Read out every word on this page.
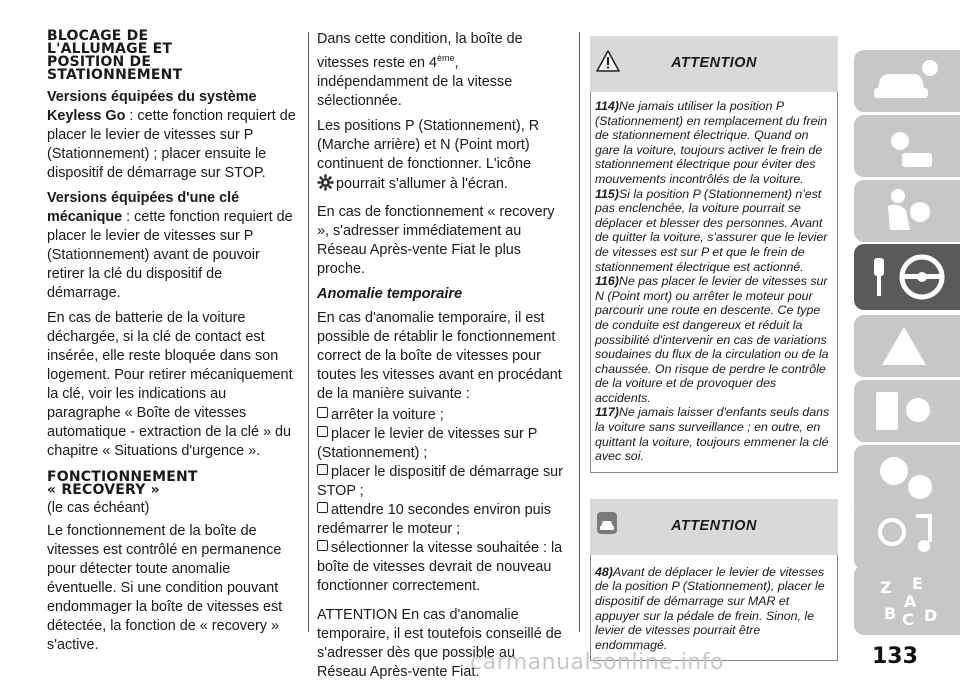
BLOCAGE DE
L'ALLUMAGE ET
POSITION DE
STATIONNEMENT

Versions équipées du système Keyless Go : cette fonction requiert de placer le levier de vitesses sur P (Stationnement) ; placer ensuite le dispositif de démarrage sur STOP.

Versions équipées d'une clé mécanique : cette fonction requiert de placer le levier de vitesses sur P (Stationnement) avant de pouvoir retirer la clé du dispositif de démarrage.

En cas de batterie de la voiture déchargée, si la clé de contact est insérée, elle reste bloquée dans son logement. Pour retirer mécaniquement la clé, voir les indications au paragraphe « Boîte de vitesses automatique - extraction de la clé » du chapitre « Situations d'urgence ».

FONCTIONNEMENT
« RECOVERY »

(le cas échéant)

Le fonctionnement de la boîte de vitesses est contrôlé en permanence pour détecter toute anomalie éventuelle. Si une condition pouvant endommager la boîte de vitesses est détectée, la fonction de « recovery » s'active.

Dans cette condition, la boîte de vitesses reste en 4ème, indépendamment de la vitesse sélectionnée.

Les positions P (Stationnement), R (Marche arrière) et N (Point mort) continuent de fonctionner. L'icône
pourrait s'allumer à l'écran.

En cas de fonctionnement « recovery », s'adresser immédiatement au Réseau Après-vente Fiat le plus proche.

Anomalie temporaire

En cas d'anomalie temporaire, il est possible de rétablir le fonctionnement correct de la boîte de vitesses pour toutes les vitesses avant en procédant de la manière suivante :

arrêter la voiture ;
placer le levier de vitesses sur P (Stationnement) ;
placer le dispositif de démarrage sur STOP ;
attendre 10 secondes environ puis redémarrer le moteur ;
sélectionner la vitesse souhaitée : la boîte de vitesses devrait de nouveau fonctionner correctement.

ATTENTION En cas d'anomalie temporaire, il est toutefois conseillé de s'adresser dès que possible au Réseau Après-vente Fiat.

ATTENTION

114)Ne jamais utiliser la position P (Stationnement) en remplacement du frein de stationnement électrique. Quand on gare la voiture, toujours activer le frein de stationnement électrique pour éviter des mouvements incontrôlés de la voiture.

115)Si la position P (Stationnement) n'est pas enclenchée, la voiture pourrait se déplacer et blesser des personnes. Avant de quitter la voiture, s'assurer que le levier de vitesses est sur P et que le frein de stationnement électrique est actionné.

116)Ne pas placer le levier de vitesses sur N (Point mort) ou arrêter le moteur pour parcourir une route en descente. Ce type de conduite est dangereux et réduit la possibilité d'intervenir en cas de variations soudaines du flux de la circulation ou de la chaussée. On risque de perdre le contrôle de la voiture et de provoquer des accidents.

117)Ne jamais laisser d'enfants seuls dans la voiture sans surveillance ; en outre, en quittant la voiture, toujours emmener la clé avec soi.

ATTENTION

48)Avant de déplacer le levier de vitesses de la position P (Stationnement), placer le dispositif de démarrage sur MAR et appuyer sur la pédale de frein. Sinon, le levier de vitesses pourrait être endommagé.

Z E
A
B C D
133
carmanualsonline.info
